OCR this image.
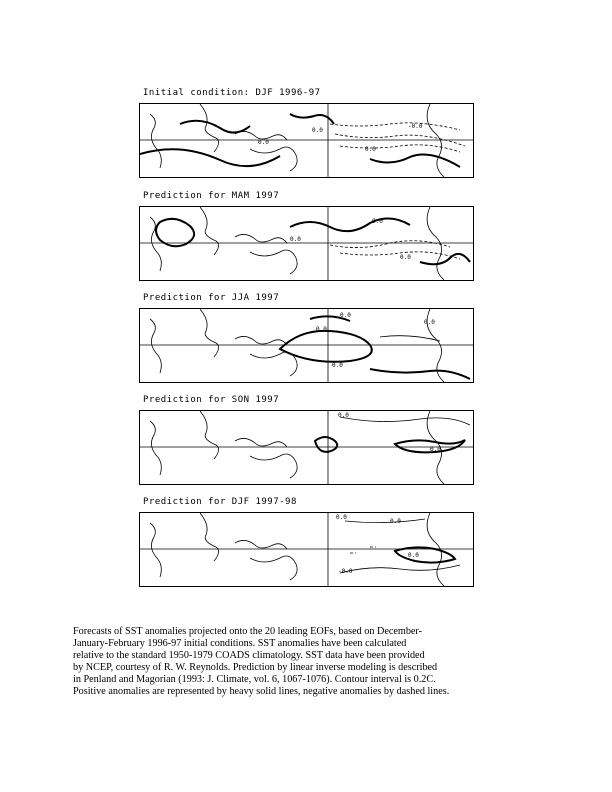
Initial condition: DJF 1996-97
0.0
0.0
-0.0
0.0
Prediction for MAM 1997
0.0
0.0
0.0
Prediction for JJA 1997
0.0
0.0
0.0
0.0
Prediction for SON 1997
0.0
0.0
Prediction for DJF 1997-98
0.0
0.0
-0.0
0.0
Forecasts of SST anomalies projected onto the 20 leading EOFs, based on December-
January-February 1996-97 initial conditions. SST anomalies have been calculated
relative to the standard 1950-1979 COADS climatology. SST data have been provided
by NCEP, courtesy of R. W. Reynolds. Prediction by linear inverse modeling is described
in Penland and Magorian (1993: J. Climate, vol. 6, 1067-1076). Contour interval is 0.2C.
Positive anomalies are represented by heavy solid lines, negative anomalies by dashed lines.
